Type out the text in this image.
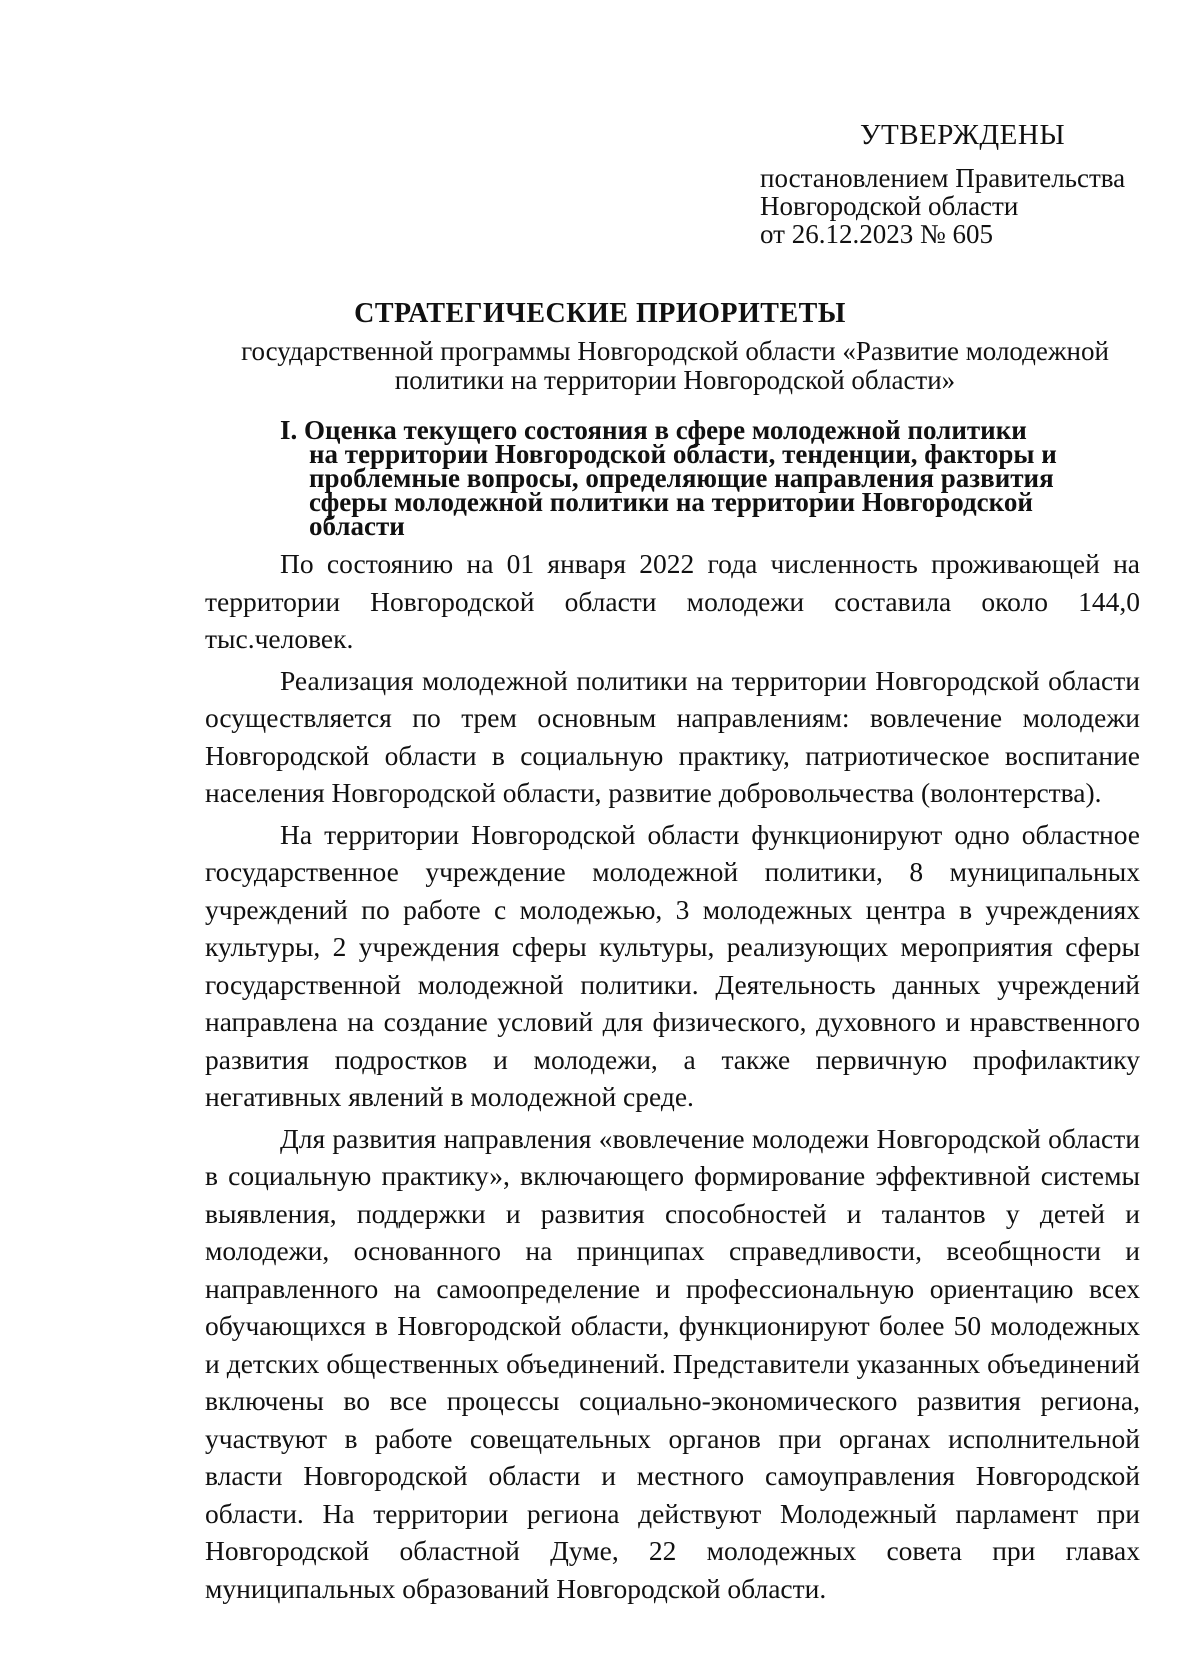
УТВЕРЖДЕНЫ
постановлением Правительства
Новгородской области
от 26.12.2023 № 605
СТРАТЕГИЧЕСКИЕ ПРИОРИТЕТЫ
государственной программы Новгородской области «Развитие молодежной
политики на территории Новгородской области»
I. Оценка текущего состояния в сфере молодежной политики
на территории Новгородской области, тенденции, факторы и
проблемные вопросы, определяющие направления развития
сферы молодежной политики на территории Новгородской
области

По состоянию на 01 января 2022 года численность проживающей на территории Новгородской области молодежи составила около 144,0 тыс.человек.

Реализация молодежной политики на территории Новгородской области осуществляется по трем основным направлениям: вовлечение молодежи Новгородской области в социальную практику, патриотическое воспитание населения Новгородской области, развитие добровольчества (волонтерства).

На территории Новгородской области функционируют одно областное государственное учреждение молодежной политики, 8 муниципальных учреждений по работе с молодежью, 3 молодежных центра в учреждениях культуры, 2 учреждения сферы культуры, реализующих мероприятия сферы государственной молодежной политики. Деятельность данных учреждений направлена на создание условий для физического, духовного и нравственного развития подростков и молодежи, а также первичную профилактику негативных явлений в молодежной среде.

Для развития направления «вовлечение молодежи Новгородской области в социальную практику», включающего формирование эффективной системы выявления, поддержки и развития способностей и талантов у детей и молодежи, основанного на принципах справедливости, всеобщности и направленного на самоопределение и профессиональную ориентацию всех обучающихся в Новгородской области, функционируют более 50 молодежных и детских общественных объединений. Представители указанных объединений включены во все процессы социально-экономического развития региона, участвуют в работе совещательных органов при органах исполнительной власти Новгородской области и местного самоуправления Новгородской области. На территории региона действуют Молодежный парламент при Новгородской областной Думе, 22 молодежных совета при главах муниципальных образований Новгородской области.
